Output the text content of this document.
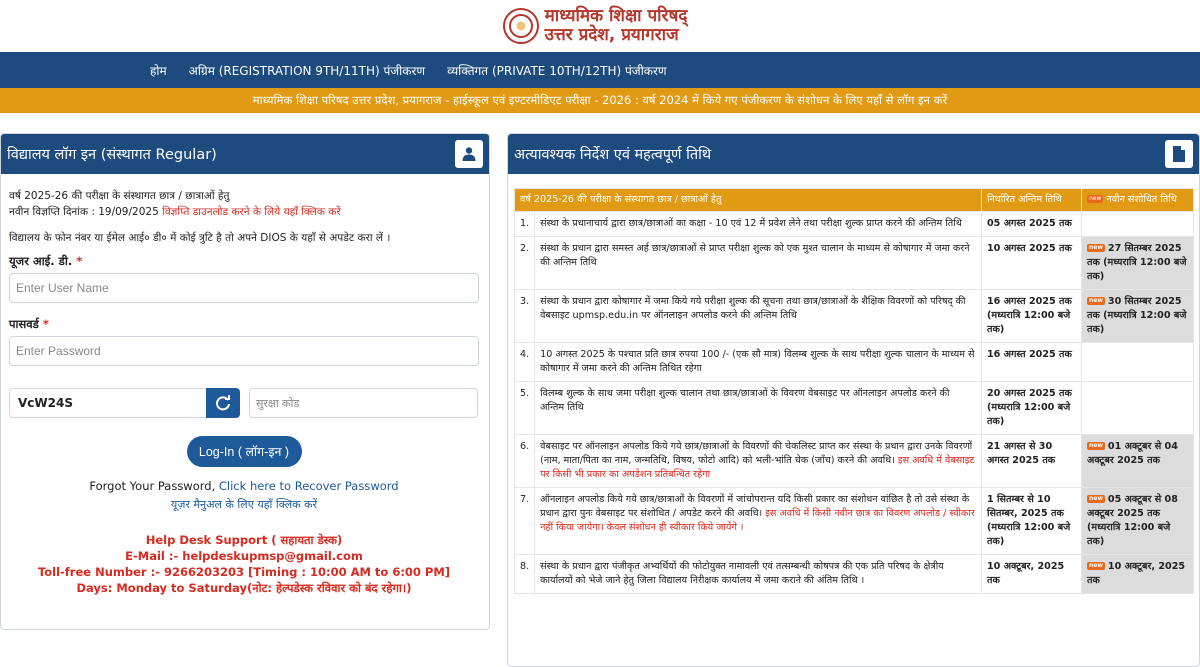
माध्यमिक शिक्षा परिषद्
उत्तर प्रदेश, प्रयागराज
होम अग्रिम (REGISTRATION 9TH/11TH) पंजीकरण व्यक्तिगत (PRIVATE 10TH/12TH) पंजीकरण
माध्यमिक शिक्षा परिषद उत्तर प्रदेश, प्रयागराज - हाईस्कूल एवं इण्टरमीडिएट परीक्षा - 2026 : वर्ष 2024 में किये गए पंजीकरण के संशोधन के लिए यहाँ से लॉग इन करें
विद्यालय लॉग इन (संस्थागत Regular)
वर्ष 2025-26 की परीक्षा के संस्थागत छात्र / छात्राओं हेतु
नवीन विज्ञप्ति दिनांक : 19/09/2025 विज्ञप्ति डाउनलोड करने के लिये यहाँ क्लिक करें
विद्यालय के फोन नंबर या ईमेल आई० डी० में कोई त्रुटि है तो अपने DIOS के यहाँ से अपडेट करा लें ।
यूजर आई. डी. *
Enter User Name
पासवर्ड *
Enter Password
VcW24S	सुरक्षा कोड
Log-In ( लॉग-इन )
Forgot Your Password, Click here to Recover Password
यूज़र मैनुअल के लिए यहाँ क्लिक करें
Help Desk Support ( सहायता डेस्क)
E-Mail :- helpdeskupmsp@gmail.com
Toll-free Number :- 9266203203 [Timing : 10:00 AM to 6:00 PM]
Days: Monday to Saturday(नोट: हेल्पडेस्क रविवार को बंद रहेगा।)
अत्यावश्यक निर्देश एवं महत्वपूर्ण तिथि
वर्ष 2025-26 की परीक्षा के संस्थागत छात्र / छात्राओं हेतु		निर्धारित अन्तिम तिथि	new नवीन संशोधित तिथि
1.	संस्था के प्रधानाचार्य द्वारा छात्र/छात्राओं का कक्षा - 10 एवं 12 में प्रवेश लेने तथा परीक्षा शुल्क प्राप्त करने की अन्तिम तिथि	05 अगस्त 2025 तक	
2.	संस्था के प्रधान द्वारा समस्त अर्ह छात्र/छात्राओं से प्राप्त परीक्षा शुल्क को एक मुश्त चालान के माध्यम से कोषागार में जमा करने की अन्तिम तिथि	10 अगस्त 2025 तक	new 27 सितम्बर 2025 तक (मध्यरात्रि 12:00 बजे तक)
3.	संस्था के प्रधान द्वारा कोषागार में जमा किये गये परीक्षा शुल्क की सूचना तथा छात्र/छात्राओं के शैक्षिक विवरणों को परिषद् की वेबसाइट upmsp.edu.in पर ऑनलाइन अपलोड करने की अन्तिम तिथि	16 अगस्त 2025 तक (मध्यरात्रि 12:00 बजे तक)	new 30 सितम्बर 2025 तक (मध्यरात्रि 12:00 बजे तक)
4.	10 अगस्त 2025 के पश्चात प्रति छात्र रुपया 100 /- (एक सौ मात्र) विलम्ब शुल्क के साथ परीक्षा शुल्क चालान के माध्यम से कोषागार में जमा करने की अन्तिम तिथित रहेगा	16 अगस्त 2025 तक	
5.	विलम्ब शुल्क के साथ जमा परीक्षा शुल्क चालान तथा छात्र/छात्राओं के विवरण वेबसाइट पर ऑनलाइन अपलोड करने की अन्तिम तिथि	20 अगस्त 2025 तक (मध्यरात्रि 12:00 बजे तक)	
6.	वेबसाइट पर ऑनलाइन अपलोड किये गये छात्र/छात्राओं के विवरणों की चेकलिस्ट प्राप्त कर संस्था के प्रधान द्वारा उनके विवरणों (नाम, माता/पिता का नाम, जन्मतिथि, विषय, फोटो आदि) को भली-भांति चेक (जाँच) करने की अवधि। इस अवधि में वेबसाइट पर किसी भी प्रकार का अपडेशन प्रतिबन्धित रहेगा	21 अगस्त से 30 अगस्त 2025 तक	new 01 अक्टूबर से 04 अक्टूबर 2025 तक
7.	ऑनलाइन अपलोड किये गये छात्र/छात्राओं के विवरणों में जांचोपरान्त यदि किसी प्रकार का संशोधन वांछित है तो उसे संस्था के प्रधान द्वारा पुनः वेबसाइट पर संशोधित / अपडेट करने की अवधि। इस अवधि में किसी नवीन छात्र का विवरण अपलोड / स्वीकार नहीं किया जायेगा। केवल संशोधन ही स्वीकार किये जायेंगे ।	1 सितम्बर से 10 सितम्बर, 2025 तक (मध्यरात्रि 12:00 बजे तक)	new 05 अक्टूबर से 08 अक्टूबर 2025 तक (मध्यरात्रि 12:00 बजे तक)
8.	संस्था के प्रधान द्वारा पंजीकृत अभ्यर्थियों की फोटोयुक्त नामावली एवं तत्सम्बन्धी कोषपत्र की एक प्रति परिषद के क्षेत्रीय कार्यालयों को भेजे जाने हेतु जिला विद्यालय निरीक्षक कार्यालय में जमा कराने की अंतिम तिथि ।	10 अक्टूबर, 2025 तक	new 10 अक्टूबर, 2025 तक
